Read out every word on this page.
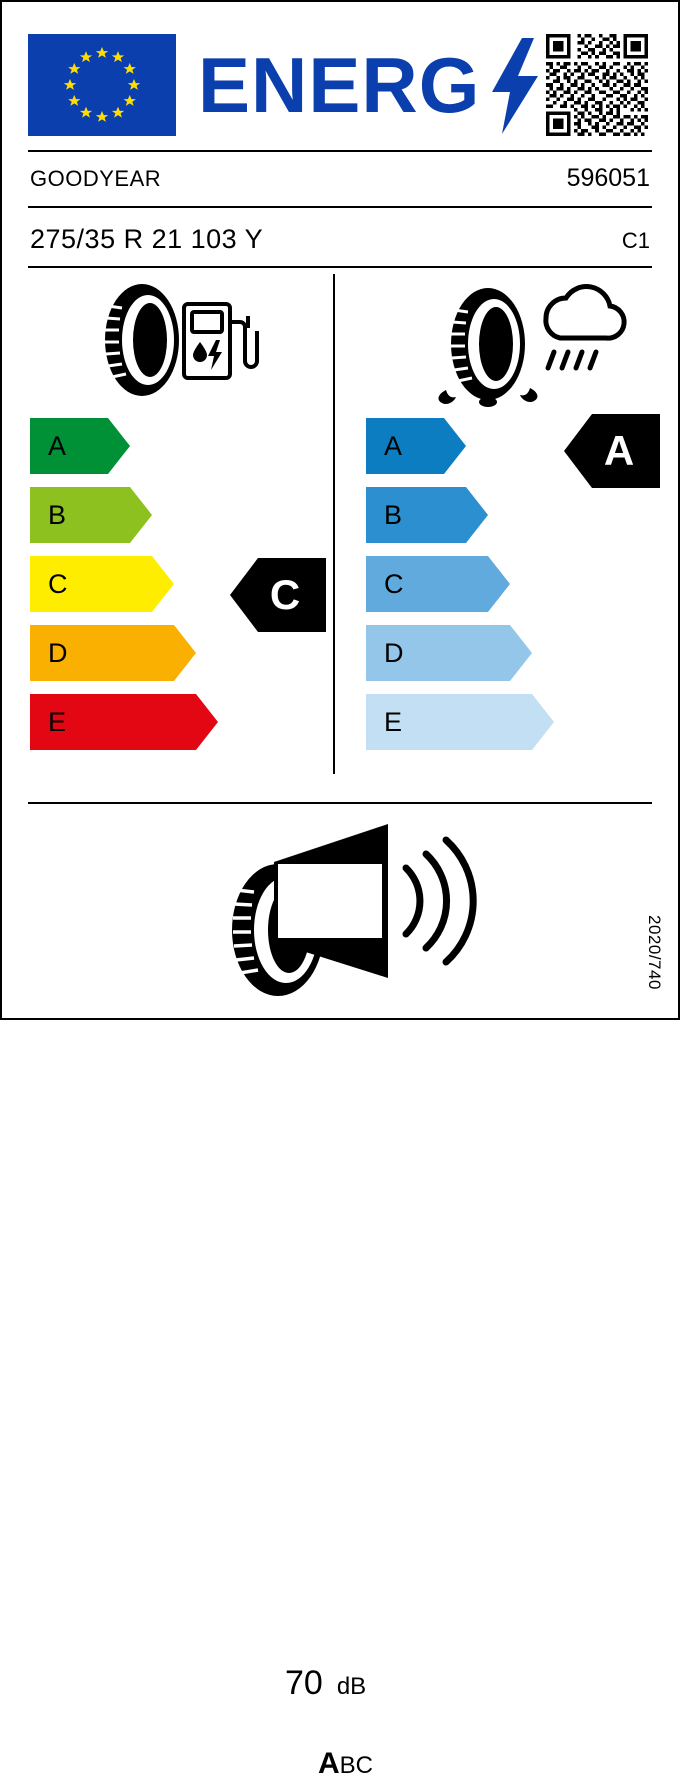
ENERG
GOODYEAR	596051
275/35 R 21 103 Y	C1
A
B
C
D
E
C
A
B
C
D
E
A
70 dB
ABC
2020/740
